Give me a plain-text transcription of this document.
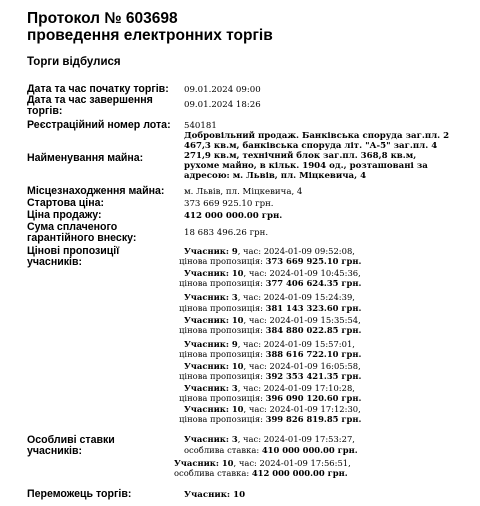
Протокол № 603698
проведення електронних торгів
Торги відбулися
Дата та час початку торгів:	09.01.2024 09:00
Дата та час завершення торгів:	09.01.2024 18:26
Реєстраційний номер лота:	540181
Найменування майна:
Добровільний продаж. Банківська споруда заг.пл. 2
467,3 кв.м, банківська споруда літ. "А-5" заг.пл. 4
271,9 кв.м, технічний блок заг.пл. 368,8 кв.м,
рухоме майно, в кільк. 1904 од., розташовані за
адресою: м. Львів, пл. Міцкевича, 4
Місцезнаходження майна:	м. Львів, пл. Міцкевича, 4
Стартова ціна:	373 669 925.10 грн.
Ціна продажу:	412 000 000.00 грн.
Сума сплаченого гарантійного внеску:	18 683 496.26 грн.
Цінові пропозиції учасників:
Учасник: 9, час: 2024-01-09 09:52:08,
цінова пропозиція: 373 669 925.10 грн.
Учасник: 10, час: 2024-01-09 10:45:36,
цінова пропозиція: 377 406 624.35 грн.
Учасник: 3, час: 2024-01-09 15:24:39,
цінова пропозиція: 381 143 323.60 грн.
Учасник: 10, час: 2024-01-09 15:35:54,
цінова пропозиція: 384 880 022.85 грн.
Учасник: 9, час: 2024-01-09 15:57:01,
цінова пропозиція: 388 616 722.10 грн.
Учасник: 10, час: 2024-01-09 16:05:58,
цінова пропозиція: 392 353 421.35 грн.
Учасник: 3, час: 2024-01-09 17:10:28,
цінова пропозиція: 396 090 120.60 грн.
Учасник: 10, час: 2024-01-09 17:12:30,
цінова пропозиція: 399 826 819.85 грн.
Особливі ставки учасників:
Учасник: 3, час: 2024-01-09 17:53:27,
особлива ставка: 410 000 000.00 грн.
Учасник: 10, час: 2024-01-09 17:56:51,
особлива ставка: 412 000 000.00 грн.
Переможець торгів:	Учасник: 10
